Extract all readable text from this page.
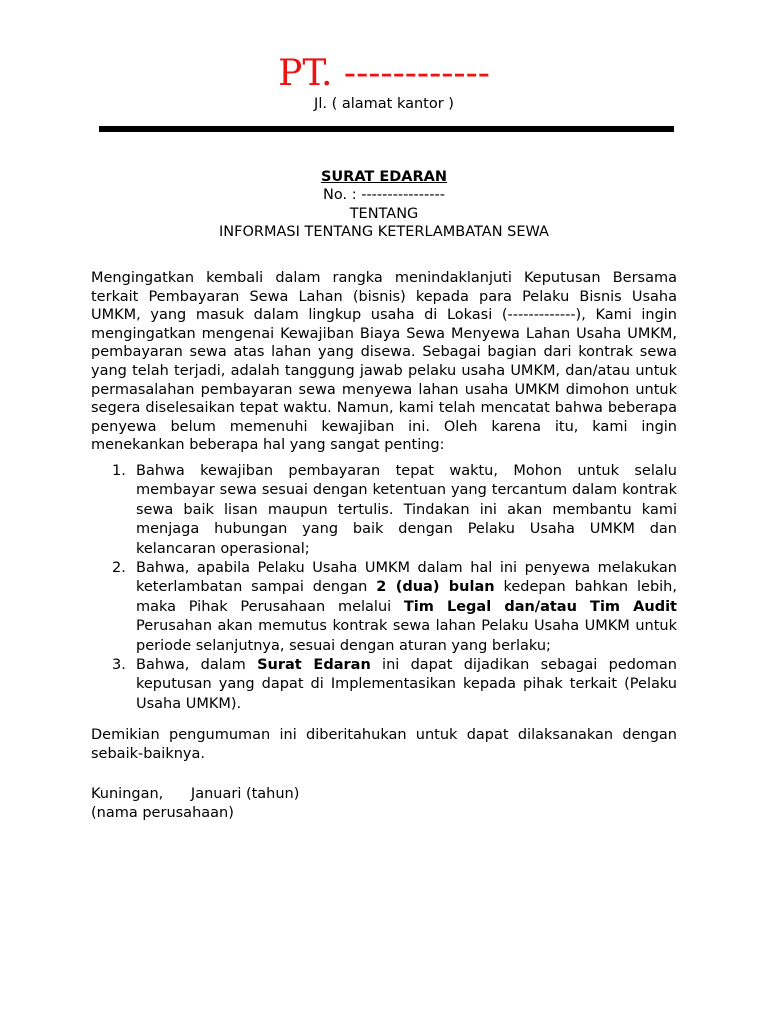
PT. ------------
Jl. ( alamat kantor )
SURAT EDARAN
No. : ----------------
TENTANG
INFORMASI TENTANG KETERLAMBATAN SEWA

Mengingatkan kembali dalam rangka menindaklanjuti Keputusan Bersama terkait Pembayaran Sewa Lahan (bisnis) kepada para Pelaku Bisnis Usaha UMKM, yang masuk dalam lingkup usaha di Lokasi (-------------), Kami ingin mengingatkan mengenai Kewajiban Biaya Sewa Menyewa Lahan Usaha UMKM, pembayaran sewa atas lahan yang disewa. Sebagai bagian dari kontrak sewa yang telah terjadi, adalah tanggung jawab pelaku usaha UMKM, dan/atau untuk permasalahan pembayaran sewa menyewa lahan usaha UMKM dimohon untuk segera diselesaikan tepat waktu. Namun, kami telah mencatat bahwa beberapa penyewa belum memenuhi kewajiban ini. Oleh karena itu, kami ingin menekankan beberapa hal yang sangat penting:

1. Bahwa kewajiban pembayaran tepat waktu, Mohon untuk selalu membayar sewa sesuai dengan ketentuan yang tercantum dalam kontrak sewa baik lisan maupun tertulis. Tindakan ini akan membantu kami menjaga hubungan yang baik dengan Pelaku Usaha UMKM dan kelancaran operasional;
2. Bahwa, apabila Pelaku Usaha UMKM dalam hal ini penyewa melakukan keterlambatan sampai dengan 2 (dua) bulan kedepan bahkan lebih, maka Pihak Perusahaan melalui Tim Legal dan/atau Tim Audit Perusahan akan memutus kontrak sewa lahan Pelaku Usaha UMKM untuk periode selanjutnya, sesuai dengan aturan yang berlaku;
3. Bahwa, dalam Surat Edaran ini dapat dijadikan sebagai pedoman keputusan yang dapat di Implementasikan kepada pihak terkait (Pelaku Usaha UMKM).

Demikian pengumuman ini diberitahukan untuk dapat dilaksanakan dengan sebaik-baiknya.

Kuningan,      Januari (tahun)
(nama perusahaan)
